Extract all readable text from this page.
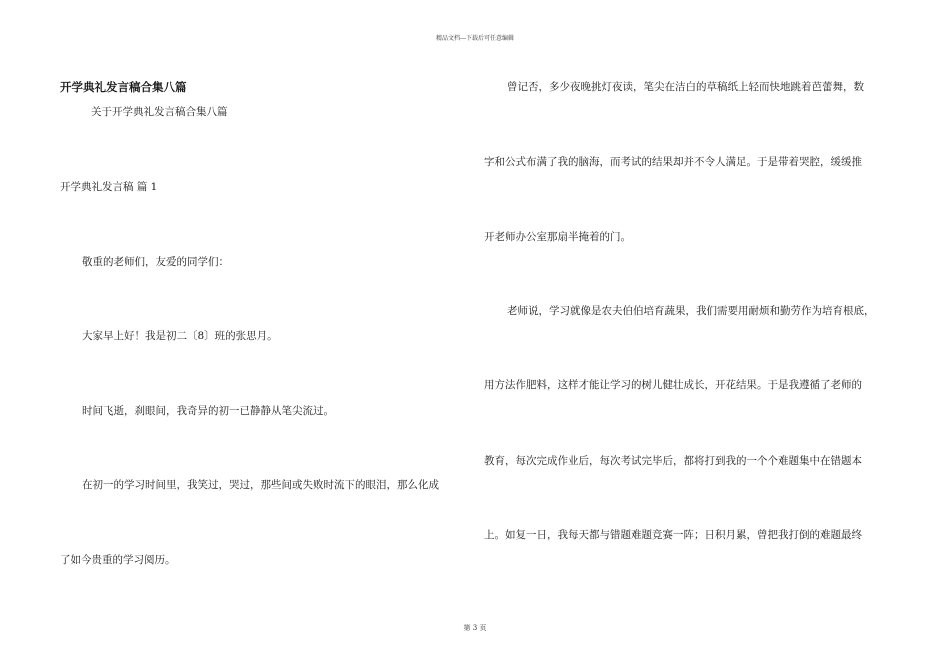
精品文档---下载后可任意编辑
开学典礼发言稿合集八篇
关于开学典礼发言稿合集八篇
开学典礼发言稿 篇 1
敬重的老师们，友爱的同学们：
大家早上好！我是初二〔8〕班的张思月。
时间飞逝，刹眼间，我奇异的初一已静静从笔尖流过。
在初一的学习时间里，我笑过，哭过，那些间或失败时流下的眼泪，那么化成
了如今贵重的学习阅历。
曾记否，多少夜晚挑灯夜读，笔尖在洁白的草稿纸上轻而快地跳着芭蕾舞，数
字和公式布满了我的脑海，而考试的结果却并不令人满足。于是带着哭腔，缓缓推
开老师办公室那扇半掩着的门。
老师说，学习就像是农夫伯伯培育蔬果，我们需要用耐烦和勤劳作为培育根底，
用方法作肥料，这样才能让学习的树儿健壮成长，开花结果。于是我遵循了老师的
教育，每次完成作业后，每次考试完毕后，都将打到我的一个个难题集中在错题本
上。如复一日，我每天都与错题难题竞赛一阵；日积月累，曾把我打倒的难题最终
第 3 页
